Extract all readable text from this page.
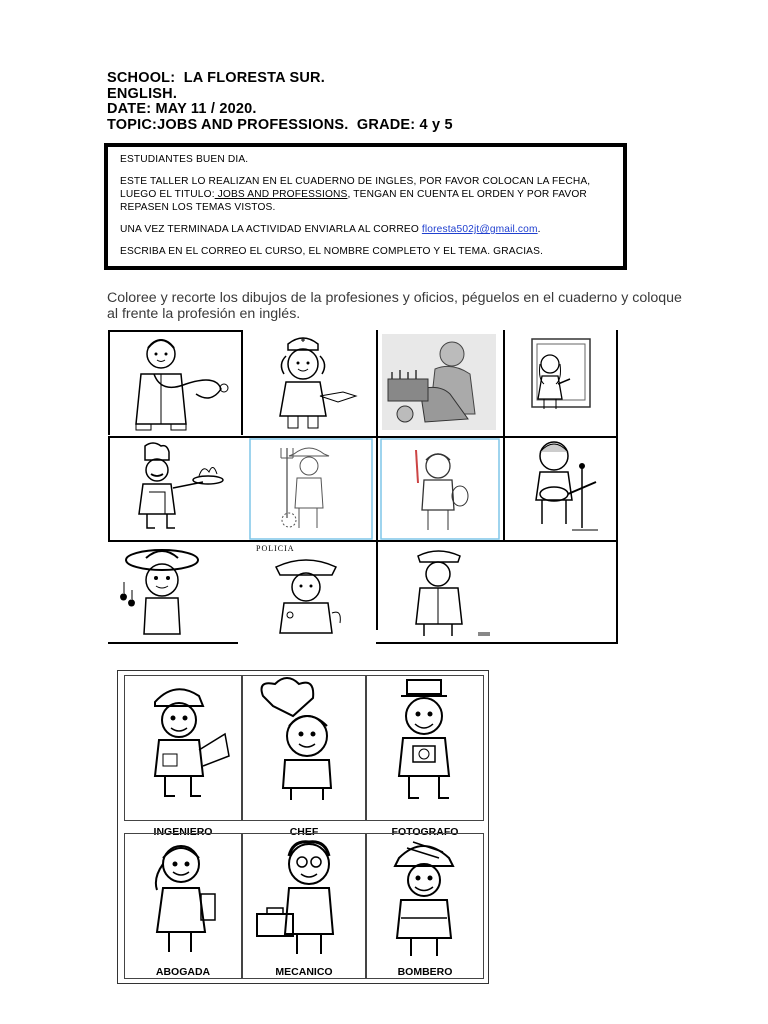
SCHOOL:  LA FLORESTA SUR.
ENGLISH.
DATE: MAY 11 / 2020.
TOPIC:JOBS AND PROFESSIONS.  GRADE: 4 y 5

ESTUDIANTES BUEN DIA.

ESTE TALLER LO REALIZAN EN EL CUADERNO DE INGLES, POR FAVOR COLOCAN LA FECHA,
LUEGO EL TITULO: JOBS AND PROFESSIONS, TENGAN EN CUENTA EL ORDEN Y POR FAVOR
REPASEN LOS TEMAS VISTOS.

UNA VEZ TERMINADA LA ACTIVIDAD ENVIARLA AL CORREO floresta502jt@gmail.com.

ESCRIBA EN EL CORREO EL CURSO, EL NOMBRE COMPLETO Y EL TEMA. GRACIAS.

Coloree y recorte los dibujos de la profesiones y oficios, péguelos en el cuaderno y coloque al frente la profesión en inglés.
POLICIA
INGENIERO	CHEF	FOTOGRAFO
ABOGADA	MECANICO	BOMBERO
